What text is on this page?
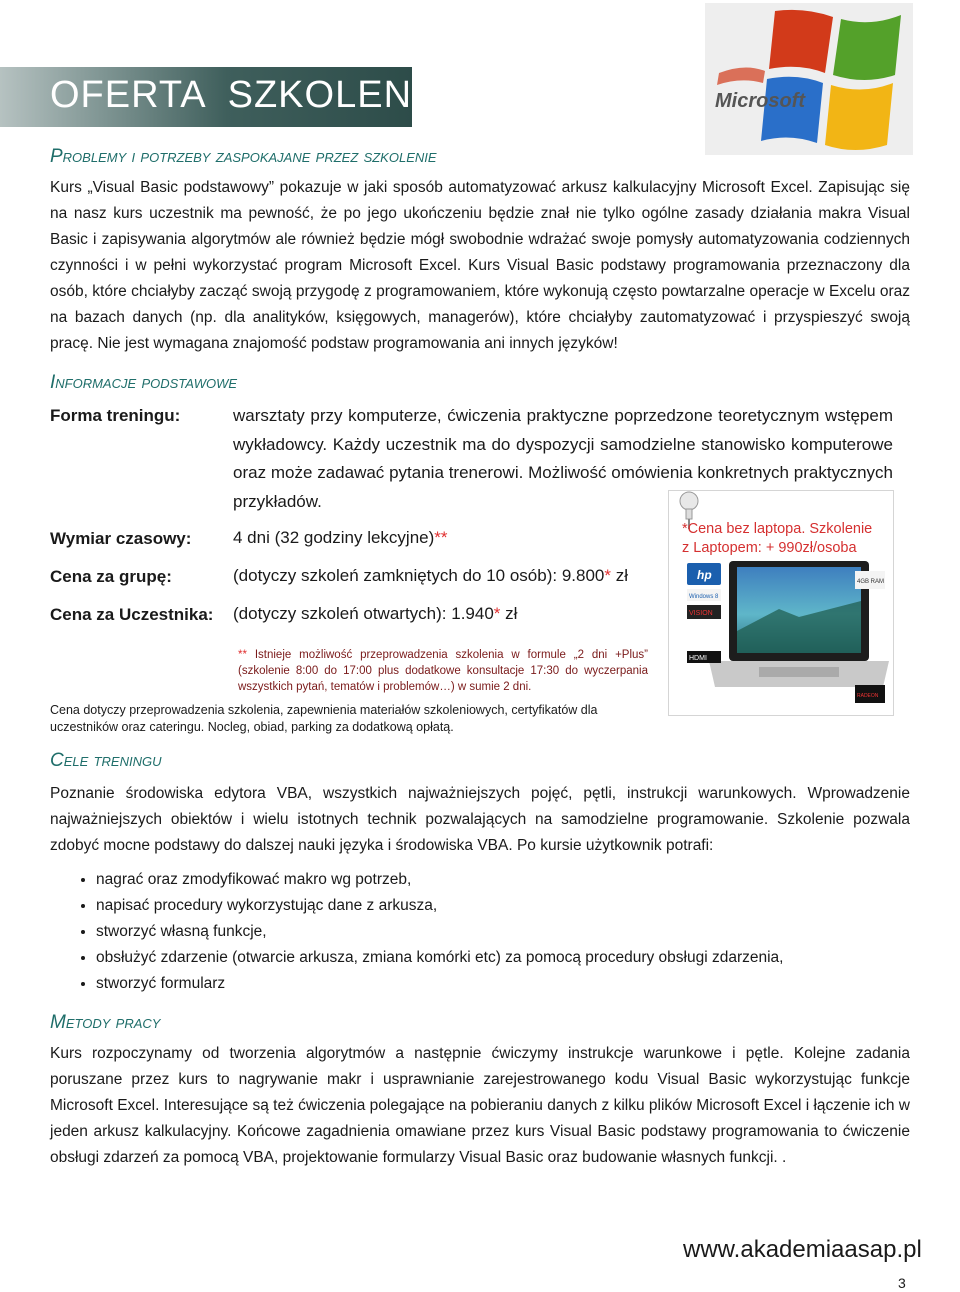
OFERTA  SZKOLENIA	Microsoft
Problemy i potrzeby zaspokajane przez szkolenie

Kurs „Visual Basic podstawowy” pokazuje w jaki sposób automatyzować arkusz kalkulacyjny Microsoft Excel. Zapisując się na nasz kurs uczestnik ma pewność, że po jego ukończeniu będzie znał nie tylko ogólne zasady działania makra Visual Basic i zapisywania algorytmów ale również będzie mógł swobodnie wdrażać swoje pomysły automatyzowania codziennych czynności i w pełni wykorzystać program Microsoft Excel. Kurs Visual Basic podstawy programowania przeznaczony dla osób, które chciałyby zacząć swoją przygodę z programowaniem, które wykonują często powtarzalne operacje w Excelu oraz na bazach danych (np. dla analityków, księgowych, managerów), które chciałyby zautomatyzować i przyspieszyć swoją pracę. Nie jest wymagana znajomość podstaw programowania ani innych języków!

Informacje podstawowe
Forma treningu:	warsztaty przy komputerze, ćwiczenia praktyczne poprzedzone teoretycznym wstępem wykładowcy. Każdy uczestnik ma do dyspozycji samodzielne stanowisko komputerowe oraz może zadawać pytania trenerowi. Możliwość omówienia konkretnych praktycznych przykładów.
Wymiar czasowy: 4 dni (32 godziny lekcyjne)**
Cena za grupę:	(dotyczy szkoleń zamkniętych do 10 osób): 9.800* zł
Cena za Uczestnika: (dotyczy szkoleń otwartych): 1.940* zł
hp
Windows 8
VISION
HDMI
4GB RAM
RADEON
*Cena bez laptopa. Szkolenie
z Laptopem: + 990zł/osoba
** Istnieje możliwość przeprowadzenia szkolenia w formule „2 dni +Plus” (szkolenie 8:00 do 17:00 plus dodatkowe konsultacje 17:30 do wyczerpania wszystkich pytań, tematów i problemów…) w sumie 2 dni.
Cena dotyczy przeprowadzenia szkolenia, zapewnienia materiałów szkoleniowych, certyfikatów dla uczestników oraz cateringu. Nocleg, obiad, parking za dodatkową opłatą.
Cele treningu

Poznanie środowiska edytora VBA, wszystkich najważniejszych pojęć, pętli, instrukcji warunkowych. Wprowadzenie najważniejszych obiektów i wielu istotnych technik pozwalających na samodzielne programowanie. Szkolenie pozwala zdobyć mocne podstawy do dalszej nauki języka i środowiska VBA. Po kursie użytkownik potrafi:

• nagrać oraz zmodyfikować makro wg potrzeb,
• napisać procedury wykorzystując dane z arkusza,
• stworzyć własną funkcje,
• obsłużyć zdarzenie (otwarcie arkusza, zmiana komórki etc) za pomocą procedury obsługi zdarzenia,
• stworzyć formularz
Metody pracy

Kurs rozpoczynamy od tworzenia algorytmów a następnie ćwiczymy instrukcje warunkowe i pętle. Kolejne zadania poruszane przez kurs to nagrywanie makr i usprawnianie zarejestrowanego kodu Visual Basic wykorzystując funkcje Microsoft Excel. Interesujące są też ćwiczenia polegające na pobieraniu danych z kilku plików Microsoft Excel i łączenie ich w jeden arkusz kalkulacyjny. Końcowe zagadnienia omawiane przez kurs Visual Basic podstawy programowania to ćwiczenie obsługi zdarzeń za pomocą VBA, projektowanie formularzy Visual Basic oraz budowanie własnych funkcji. .

www.akademiaasap.pl
3
